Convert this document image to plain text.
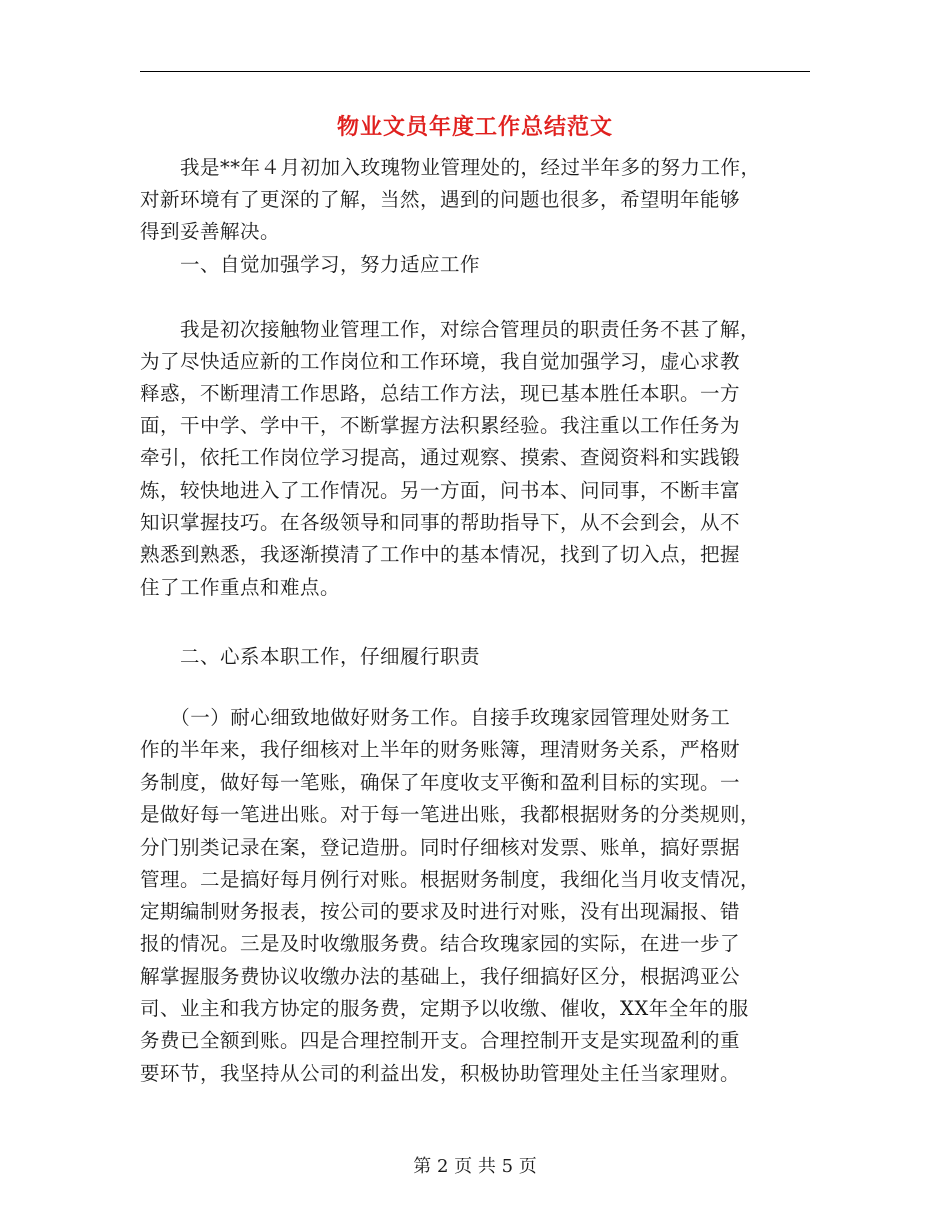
物业文员年度工作总结范文
　　我是**年４月初加入玫瑰物业管理处的，经过半年多的努力工作，
对新环境有了更深的了解，当然，遇到的问题也很多，希望明年能够
得到妥善解决。
　　一、自觉加强学习，努力适应工作
　　我是初次接触物业管理工作，对综合管理员的职责任务不甚了解，
为了尽快适应新的工作岗位和工作环境，我自觉加强学习，虚心求教
释惑，不断理清工作思路，总结工作方法，现已基本胜任本职。一方
面，干中学、学中干，不断掌握方法积累经验。我注重以工作任务为
牵引，依托工作岗位学习提高，通过观察、摸索、查阅资料和实践锻
炼，较快地进入了工作情况。另一方面，问书本、问同事，不断丰富
知识掌握技巧。在各级领导和同事的帮助指导下，从不会到会，从不
熟悉到熟悉，我逐渐摸清了工作中的基本情况，找到了切入点，把握
住了工作重点和难点。
　　二、心系本职工作，仔细履行职责
　　（一）耐心细致地做好财务工作。自接手玫瑰家园管理处财务工
作的半年来，我仔细核对上半年的财务账簿，理清财务关系，严格财
务制度，做好每一笔账，确保了年度收支平衡和盈利目标的实现。一
是做好每一笔进出账。对于每一笔进出账，我都根据财务的分类规则，
分门别类记录在案，登记造册。同时仔细核对发票、账单，搞好票据
管理。二是搞好每月例行对账。根据财务制度，我细化当月收支情况，
定期编制财务报表，按公司的要求及时进行对账，没有出现漏报、错
报的情况。三是及时收缴服务费。结合玫瑰家园的实际，在进一步了
解掌握服务费协议收缴办法的基础上，我仔细搞好区分，根据鸿亚公
司、业主和我方协定的服务费，定期予以收缴、催收，XX年全年的服
务费已全额到账。四是合理控制开支。合理控制开支是实现盈利的重
要环节，我坚持从公司的利益出发，积极协助管理处主任当家理财。
第 2 页 共 5 页
